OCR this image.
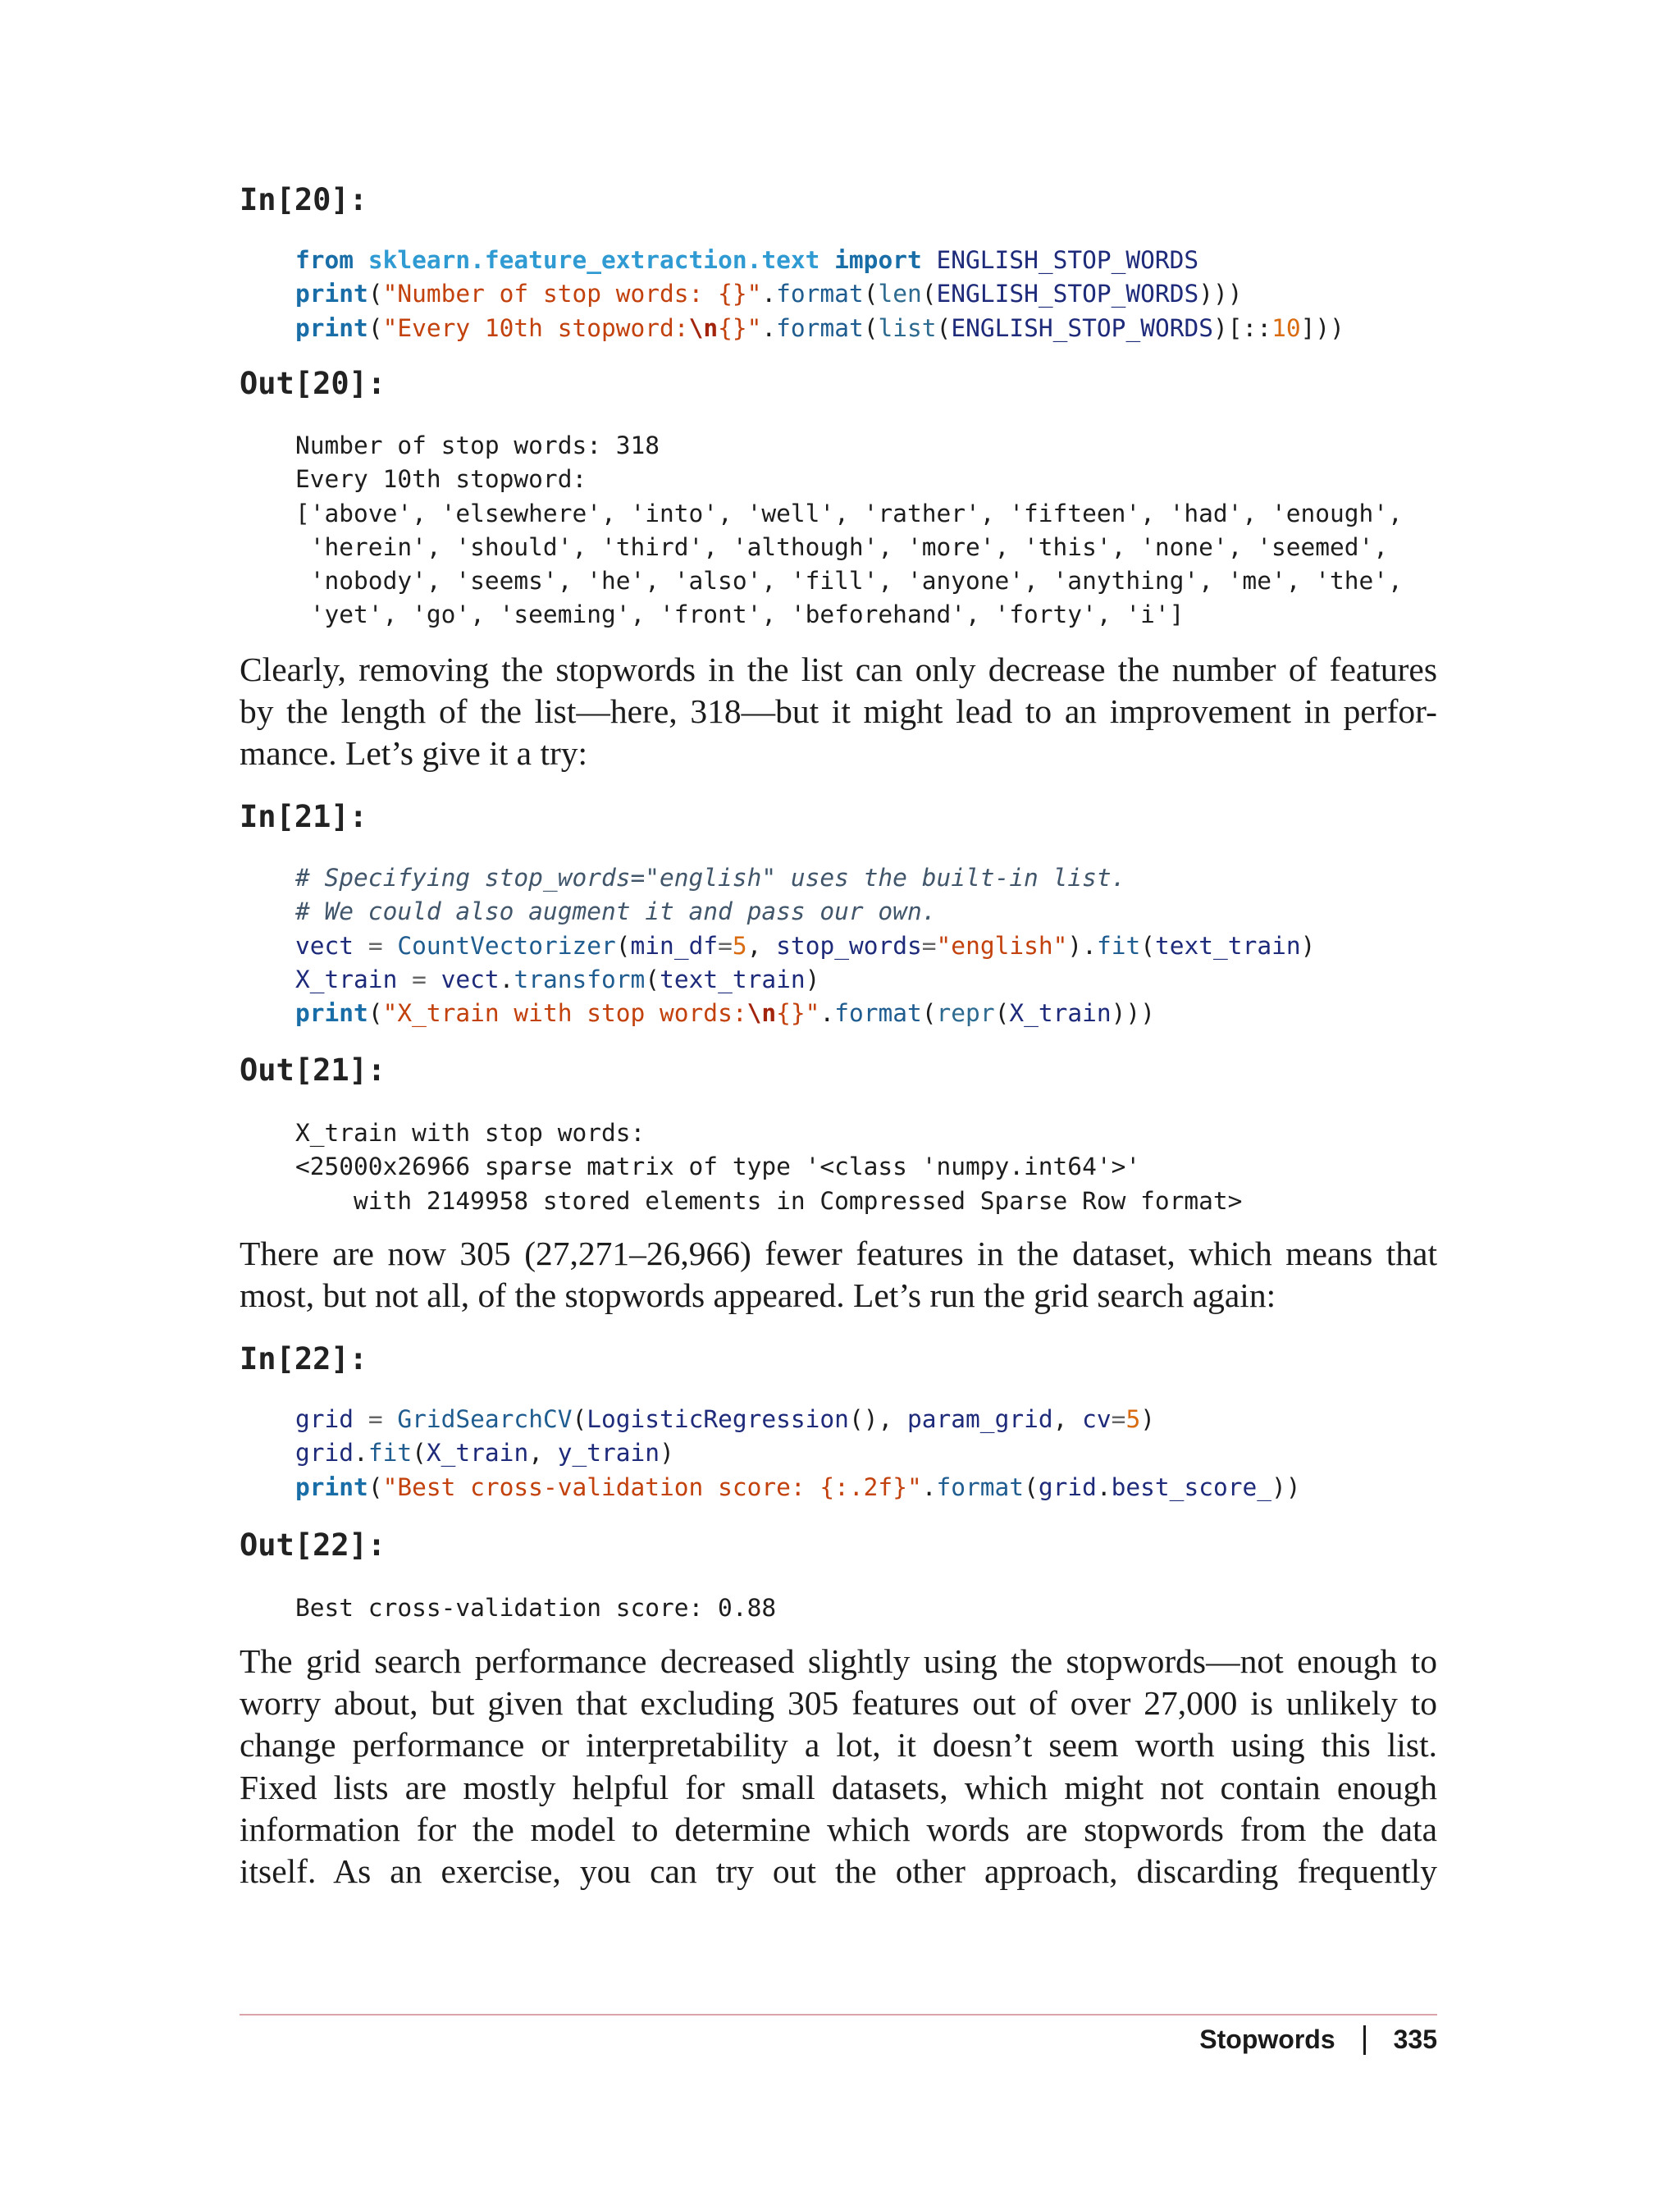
In[20]:
from sklearn.feature_extraction.text import ENGLISH_STOP_WORDS
print("Number of stop words: {}".format(len(ENGLISH_STOP_WORDS)))
print("Every 10th stopword:\n{}".format(list(ENGLISH_STOP_WORDS)[::10]))
Out[20]:
Number of stop words: 318
Every 10th stopword:
['above', 'elsewhere', 'into', 'well', 'rather', 'fifteen', 'had', 'enough',
'herein', 'should', 'third', 'although', 'more', 'this', 'none', 'seemed',
'nobody', 'seems', 'he', 'also', 'fill', 'anyone', 'anything', 'me', 'the',
'yet', 'go', 'seeming', 'front', 'beforehand', 'forty', 'i']
Clearly, removing the stopwords in the list can only decrease the number of features
by the length of the list—here, 318—but it might lead to an improvement in perfor-
mance. Let’s give it a try:
In[21]:
# Specifying stop_words="english" uses the built-in list.
# We could also augment it and pass our own.
vect = CountVectorizer(min_df=5, stop_words="english").fit(text_train)
X_train = vect.transform(text_train)
print("X_train with stop words:\n{}".format(repr(X_train)))
Out[21]:
X_train with stop words:
<25000x26966 sparse matrix of type '<class 'numpy.int64'>'
with 2149958 stored elements in Compressed Sparse Row format>
There are now 305 (27,271–26,966) fewer features in the dataset, which means that
most, but not all, of the stopwords appeared. Let’s run the grid search again:
In[22]:
grid = GridSearchCV(LogisticRegression(), param_grid, cv=5)
grid.fit(X_train, y_train)
print("Best cross-validation score: {:.2f}".format(grid.best_score_))
Out[22]:
Best cross-validation score: 0.88
The grid search performance decreased slightly using the stopwords—not enough to
worry about, but given that excluding 305 features out of over 27,000 is unlikely to
change performance or interpretability a lot, it doesn’t seem worth using this list.
Fixed lists are mostly helpful for small datasets, which might not contain enough
information for the model to determine which words are stopwords from the data
itself. As an exercise, you can try out the other approach, discarding frequently
Stopwords 335
